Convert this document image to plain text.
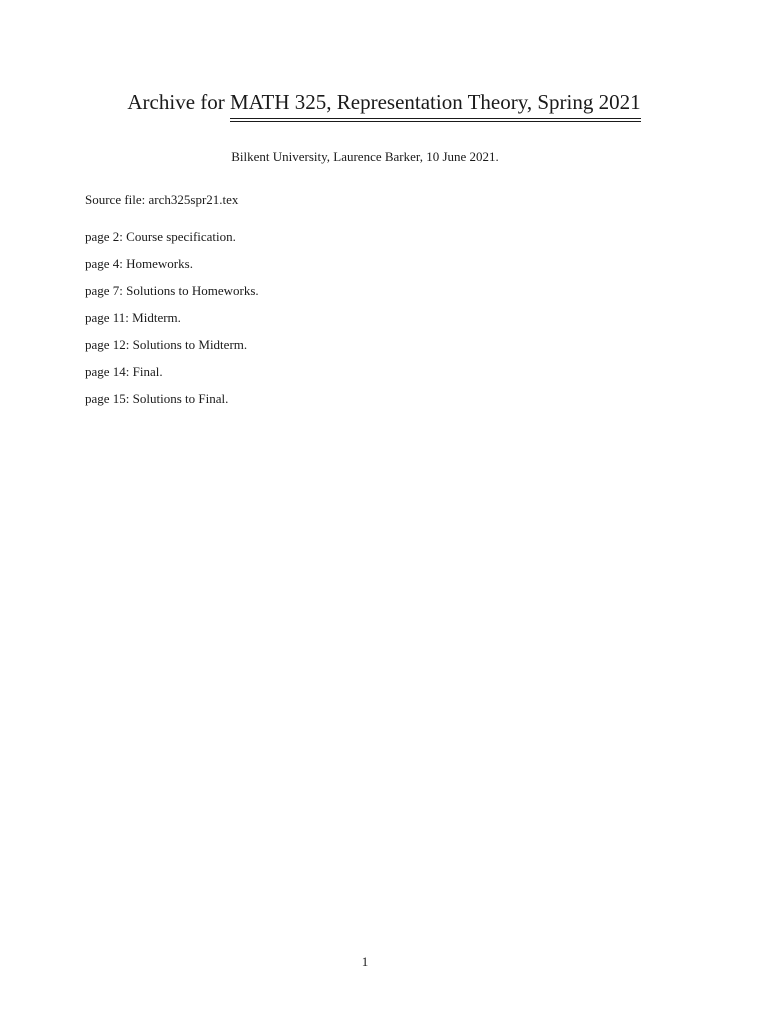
Archive for MATH 325, Representation Theory, Spring 2021
Bilkent University, Laurence Barker, 10 June 2021.
Source file: arch325spr21.tex
page 2: Course specification.
page 4: Homeworks.
page 7: Solutions to Homeworks.
page 11: Midterm.
page 12: Solutions to Midterm.
page 14: Final.
page 15: Solutions to Final.
1
